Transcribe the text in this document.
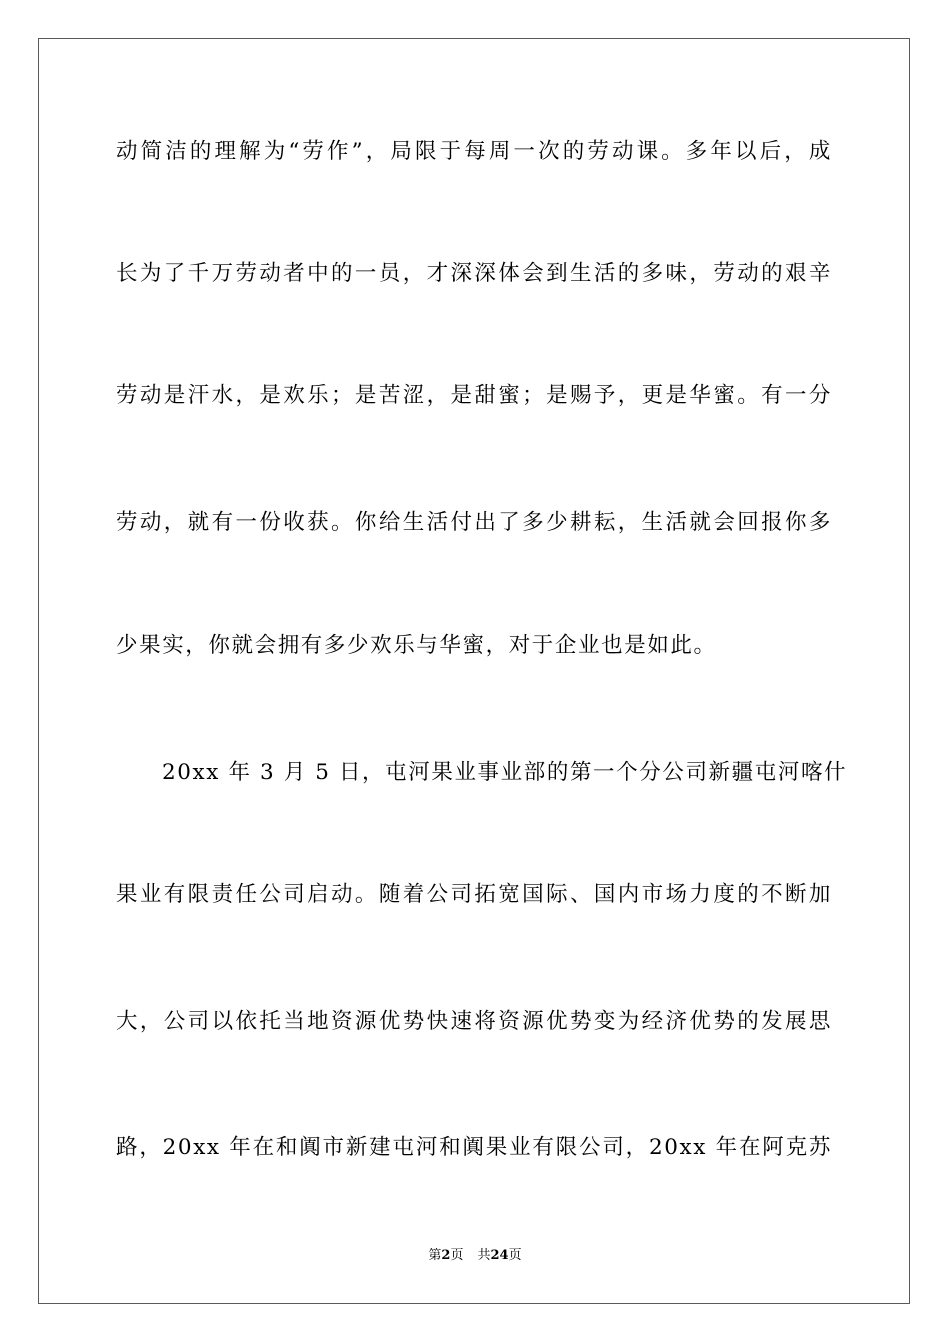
动简洁的理解为“劳作”，局限于每周一次的劳动课。多年以后，成
长为了千万劳动者中的一员，才深深体会到生活的多味，劳动的艰辛
劳动是汗水，是欢乐；是苦涩，是甜蜜；是赐予，更是华蜜。有一分
劳动，就有一份收获。你给生活付出了多少耕耘，生活就会回报你多
少果实，你就会拥有多少欢乐与华蜜，对于企业也是如此。
20xx 年 3 月 5 日，屯河果业事业部的第一个分公司新疆屯河喀什
果业有限责任公司启动。随着公司拓宽国际、国内市场力度的不断加
大，公司以依托当地资源优势快速将资源优势变为经济优势的发展思
路，20xx 年在和阗市新建屯河和阗果业有限公司，20xx 年在阿克苏
第2页 共24页
